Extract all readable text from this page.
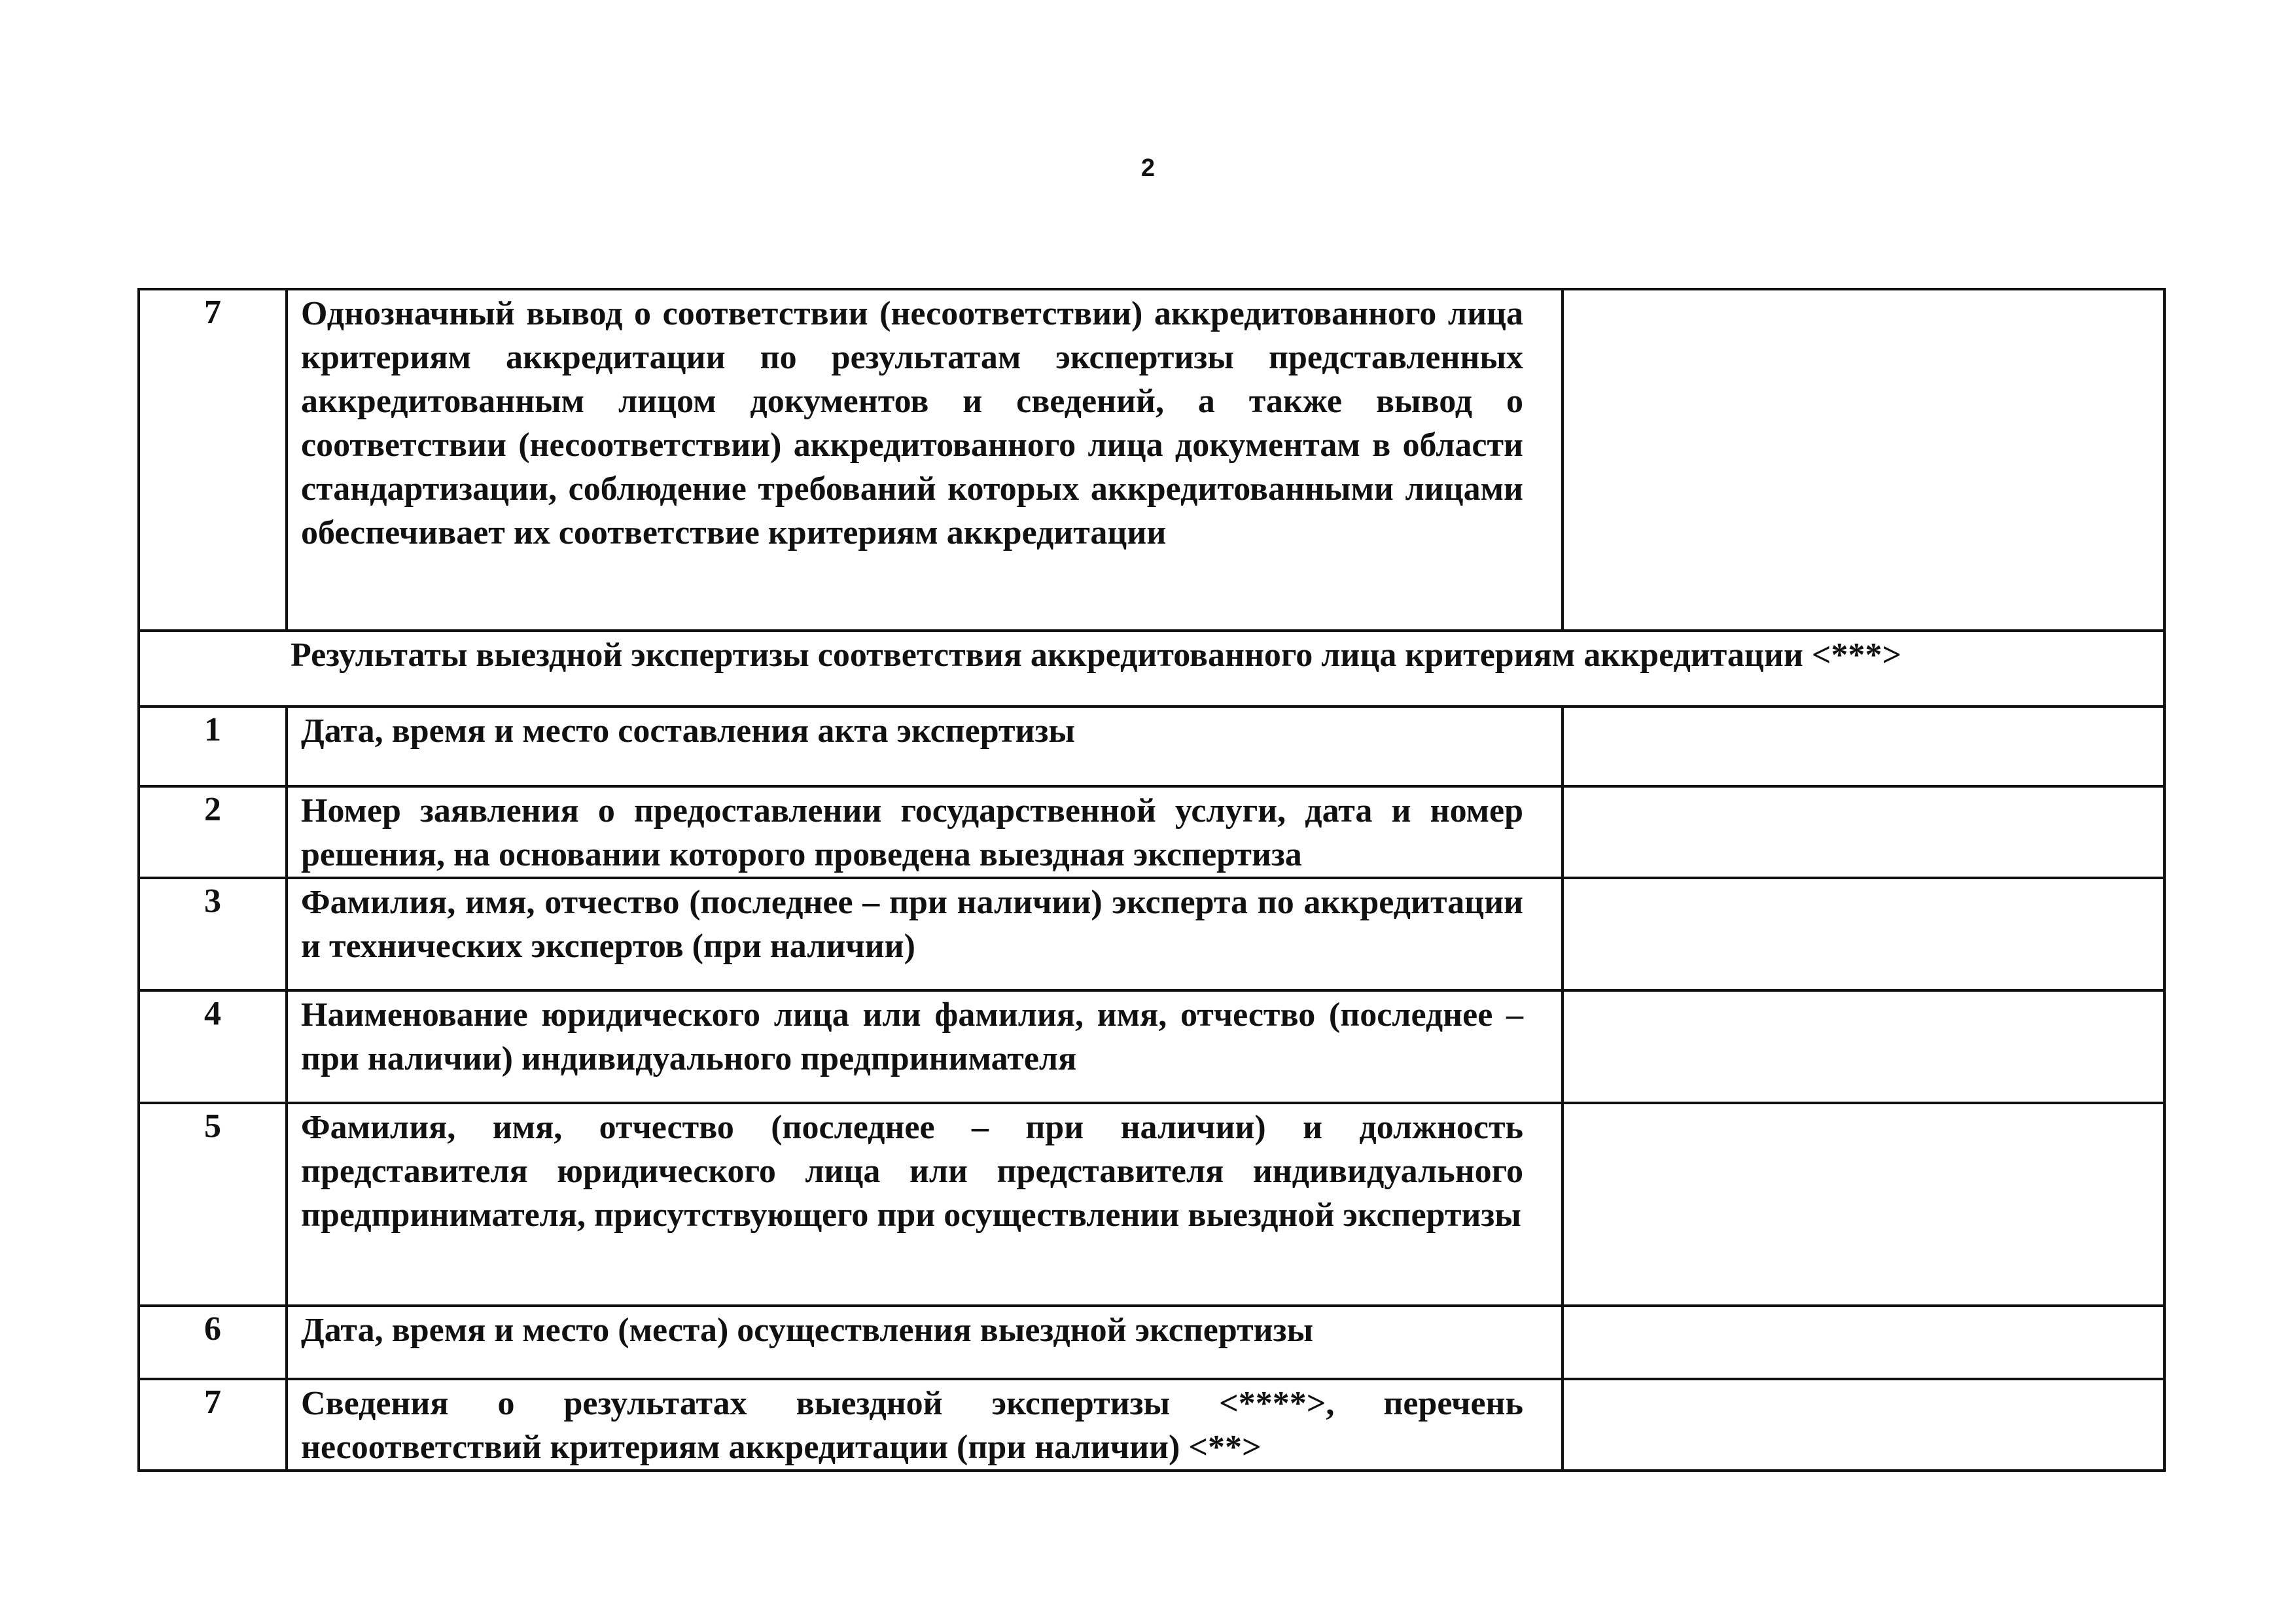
2
7	Однозначный вывод о соответствии (несоответствии) аккредитованного лица критериям аккредитации по результатам экспертизы представленных аккредитованным лицом документов и сведений, а также вывод о соответствии (несоответствии) аккредитованного лица документам в области стандартизации, соблюдение требований которых аккредитованными лицами обеспечивает их соответствие критериям аккредитации	
Результаты выездной экспертизы соответствия аккредитованного лица критериям аккредитации <***>		
1	Дата, время и место составления акта экспертизы	
2	Номер заявления о предоставлении государственной услуги, дата и номер решения, на основании которого проведена выездная экспертиза	
3	Фамилия, имя, отчество (последнее – при наличии) эксперта по аккредитации и технических экспертов (при наличии)	
4	Наименование юридического лица или фамилия, имя, отчество (последнее – при наличии) индивидуального предпринимателя	
5	Фамилия, имя, отчество (последнее – при наличии) и должность представителя юридического лица или представителя индивидуального предпринимателя, присутствующего при осуществлении выездной экспертизы	
6	Дата, время и место (места) осуществления выездной экспертизы	
7	Сведения о результатах выездной экспертизы <****>, перечень несоответствий критериям аккредитации (при наличии) <**>	
